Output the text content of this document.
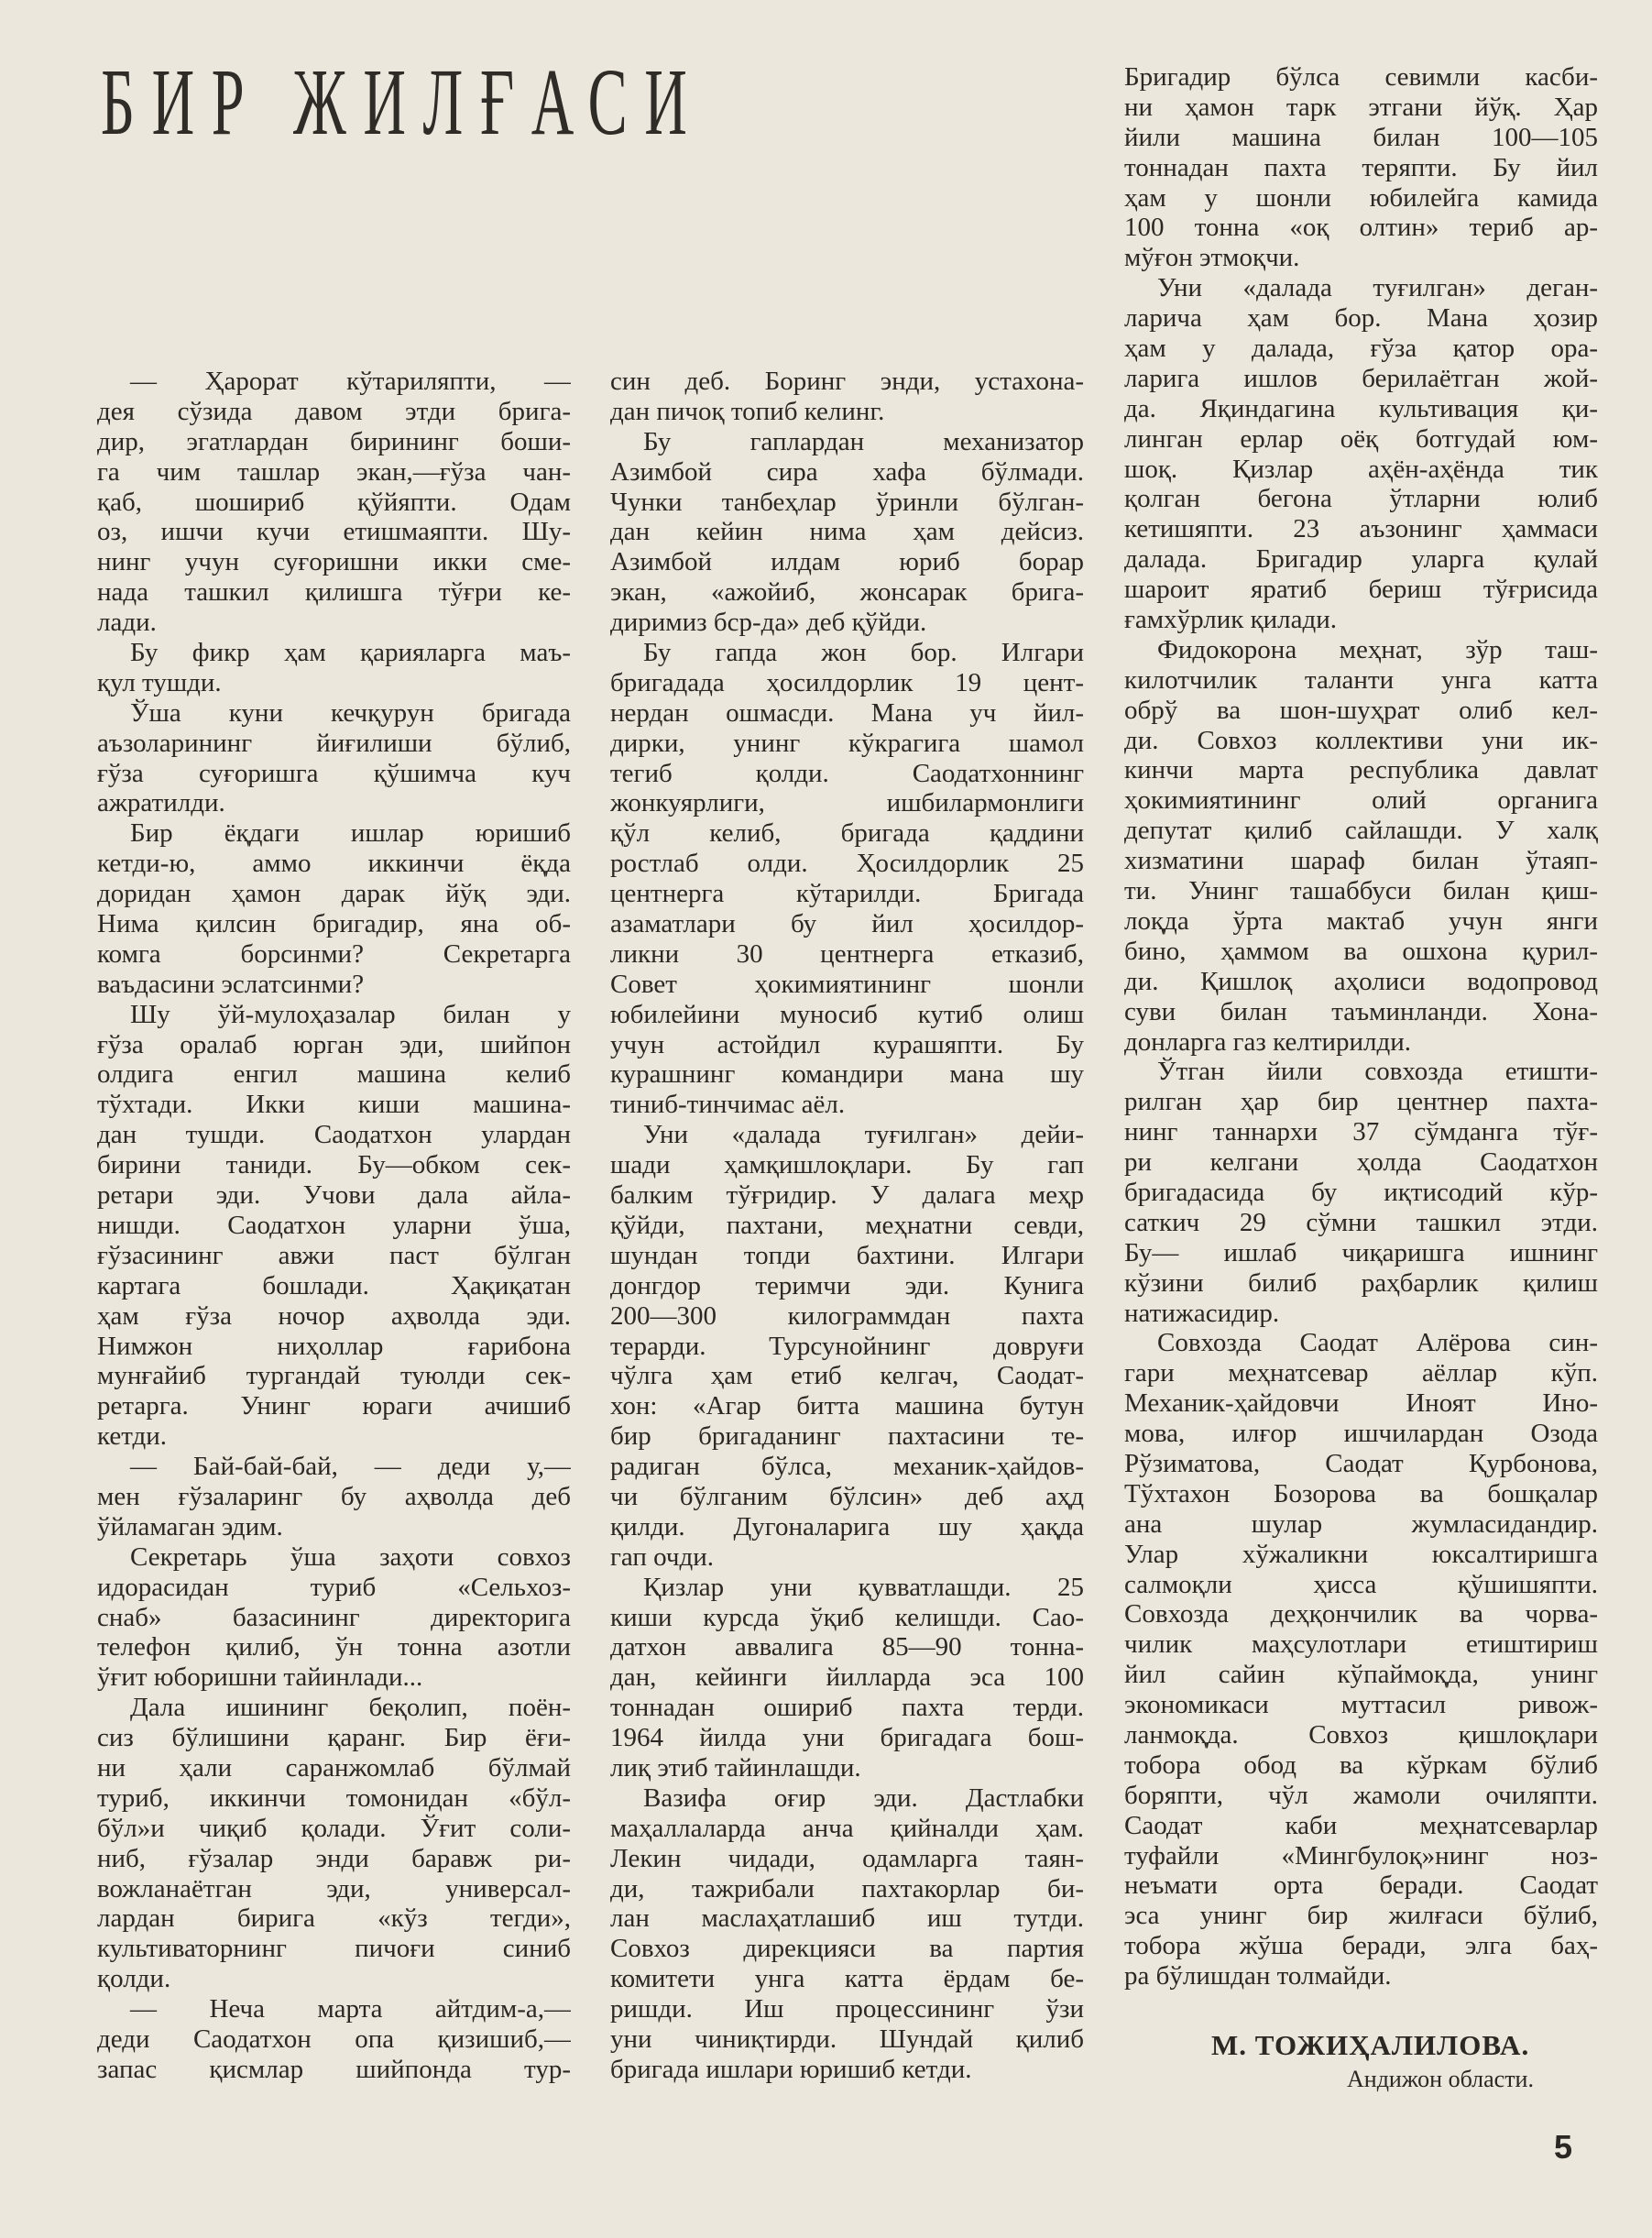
БИР ЖИЛҒАСИ
— Ҳарорат кўтариляпти, —
дея сўзида давом этди брига-
дир, эгатлардан бирининг боши-
га чим ташлар экан,—ғўза чан-
қаб, шошириб қўйяпти. Одам
оз, ишчи кучи етишмаяпти. Шу-
нинг учун суғоришни икки сме-
нада ташкил қилишга тўғри ке-
лади.
Бу фикр ҳам қарияларга маъ-
қул тушди.
Ўша куни кечқурун бригада
аъзоларининг йиғилиши бўлиб,
ғўза суғоришга қўшимча куч
ажратилди.
Бир ёқдаги ишлар юришиб
кетди-ю, аммо иккинчи ёқда
доридан ҳамон дарак йўқ эди.
Нима қилсин бригадир, яна об-
комга борсинми? Секретарга
ваъдасини эслатсинми?
Шу ўй-мулоҳазалар билан у
ғўза оралаб юрган эди, шийпон
олдига енгил машина келиб
тўхтади. Икки киши машина-
дан тушди. Саодатхон улардан
бирини таниди. Бу—обком сек-
ретари эди. Учови дала айла-
нишди. Саодатхон уларни ўша,
ғўзасининг авжи паст бўлган
картага бошлади. Ҳақиқатан
ҳам ғўза ночор аҳволда эди.
Нимжон ниҳоллар ғарибона
мунғайиб тургандай туюлди сек-
ретарга. Унинг юраги ачишиб
кетди.
— Бай-бай-бай, — деди у,—
мен ғўзаларинг бу аҳволда деб
ўйламаган эдим.
Секретарь ўша заҳоти совхоз
идорасидан туриб «Сельхоз-
снаб» базасининг директорига
телефон қилиб, ўн тонна азотли
ўғит юборишни тайинлади...
Дала ишининг беқолип, поён-
сиз бўлишини қаранг. Бир ёғи-
ни ҳали саранжомлаб бўлмай
туриб, иккинчи томонидан «бўл-
бўл»и чиқиб қолади. Ўғит соли-
ниб, ғўзалар энди баравж ри-
вожланаётган эди, универсал-
лардан бирига «кўз тегди»,
культиваторнинг пичоғи синиб
қолди.
— Неча марта айтдим-а,—
деди Саодатхон опа қизишиб,—
запас қисмлар шийпонда тур-
син деб. Боринг энди, устахона-
дан пичоқ топиб келинг.
Бу гаплардан механизатор
Азимбой сира хафа бўлмади.
Чунки танбеҳлар ўринли бўлган-
дан кейин нима ҳам дейсиз.
Азимбой илдам юриб борар
экан, «ажойиб, жонсарак брига-
диримиз бср-да» деб қўйди.
Бу гапда жон бор. Илгари
бригадада ҳосилдорлик 19 цент-
нердан ошмасди. Мана уч йил-
дирки, унинг кўкрагига шамол
тегиб қолди. Саодатхоннинг
жонкуярлиги, ишбилармонлиги
қўл келиб, бригада қаддини
ростлаб олди. Ҳосилдорлик 25
центнерга кўтарилди. Бригада
азаматлари бу йил ҳосилдор-
ликни 30 центнерга етказиб,
Совет ҳокимиятининг шонли
юбилейини муносиб кутиб олиш
учун астойдил курашяпти. Бу
курашнинг командири мана шу
тиниб-тинчимас аёл.
Уни «далада туғилган» дейи-
шади ҳамқишлоқлари. Бу гап
балким тўғридир. У далага меҳр
қўйди, пахтани, меҳнатни севди,
шундан топди бахтини. Илгари
донгдор теримчи эди. Кунига
200—300 килограммдан пахта
терарди. Турсунойнинг довруғи
чўлга ҳам етиб келгач, Саодат-
хон: «Агар битта машина бутун
бир бригаданинг пахтасини те-
радиган бўлса, механик-ҳайдов-
чи бўлганим бўлсин» деб аҳд
қилди. Дугоналарига шу ҳақда
гап очди.
Қизлар уни қувватлашди. 25
киши курсда ўқиб келишди. Сао-
датхон аввалига 85—90 тонна-
дан, кейинги йилларда эса 100
тоннадан ошириб пахта терди.
1964 йилда уни бригадага бош-
лиқ этиб тайинлашди.
Вазифа оғир эди. Дастлабки
маҳаллаларда анча қийналди ҳам.
Лекин чидади, одамларга таян-
ди, тажрибали пахтакорлар би-
лан маслаҳатлашиб иш тутди.
Совхоз дирекцияси ва партия
комитети унга катта ёрдам бе-
ришди. Иш процессининг ўзи
уни чиниқтирди. Шундай қилиб
бригада ишлари юришиб кетди.
Бригадир бўлса севимли касби-
ни ҳамон тарк этгани йўқ. Ҳар
йили машина билан 100—105
тоннадан пахта теряпти. Бу йил
ҳам у шонли юбилейга камида
100 тонна «оқ олтин» териб ар-
мўғон этмоқчи.
Уни «далада туғилган» деган-
ларича ҳам бор. Мана ҳозир
ҳам у далада, ғўза қатор ора-
ларига ишлов берилаётган жой-
да. Яқиндагина культивация қи-
линган ерлар оёқ ботгудай юм-
шоқ. Қизлар аҳён-аҳёнда тик
қолган бегона ўтларни юлиб
кетишяпти. 23 аъзонинг ҳаммаси
далада. Бригадир уларга қулай
шароит яратиб бериш тўғрисида
ғамхўрлик қилади.
Фидокорона меҳнат, зўр таш-
килотчилик таланти унга катта
обрў ва шон-шуҳрат олиб кел-
ди. Совхоз коллективи уни ик-
кинчи марта республика давлат
ҳокимиятининг олий органига
депутат қилиб сайлашди. У халқ
хизматини шараф билан ўтаяп-
ти. Унинг ташаббуси билан қиш-
лоқда ўрта мактаб учун янги
бино, ҳаммом ва ошхона қурил-
ди. Қишлоқ аҳолиси водопровод
суви билан таъминланди. Хона-
донларга газ келтирилди.
Ўтган йили совхозда етишти-
рилган ҳар бир центнер пахта-
нинг таннархи 37 сўмданга тўғ-
ри келгани ҳолда Саодатхон
бригадасида бу иқтисодий кўр-
саткич 29 сўмни ташкил этди.
Бу— ишлаб чиқаришга ишнинг
кўзини билиб раҳбарлик қилиш
натижасидир.
Совхозда Саодат Алёрова син-
гари меҳнатсевар аёллар кўп.
Механик-ҳайдовчи Иноят Ино-
мова, илғор ишчилардан Озода
Рўзиматова, Саодат Қурбонова,
Тўхтахон Бозорова ва бошқалар
ана шулар жумласидандир.
Улар хўжаликни юксалтиришга
салмоқли ҳисса қўшишяпти.
Совхозда деҳқончилик ва чорва-
чилик маҳсулотлари етиштириш
йил сайин кўпаймоқда, унинг
экономикаси муттасил ривож-
ланмоқда. Совхоз қишлоқлари
тобора обод ва кўркам бўлиб
боряпти, чўл жамоли очиляпти.
Саодат каби меҳнатсеварлар
туфайли «Мингбулоқ»нинг ноз-
неъмати орта беради. Саодат
эса унинг бир жилғаси бўлиб,
тобора жўша беради, элга баҳ-
ра бўлишдан толмайди.
М. ТОЖИҲАЛИЛОВА.
Андижон области.
5
